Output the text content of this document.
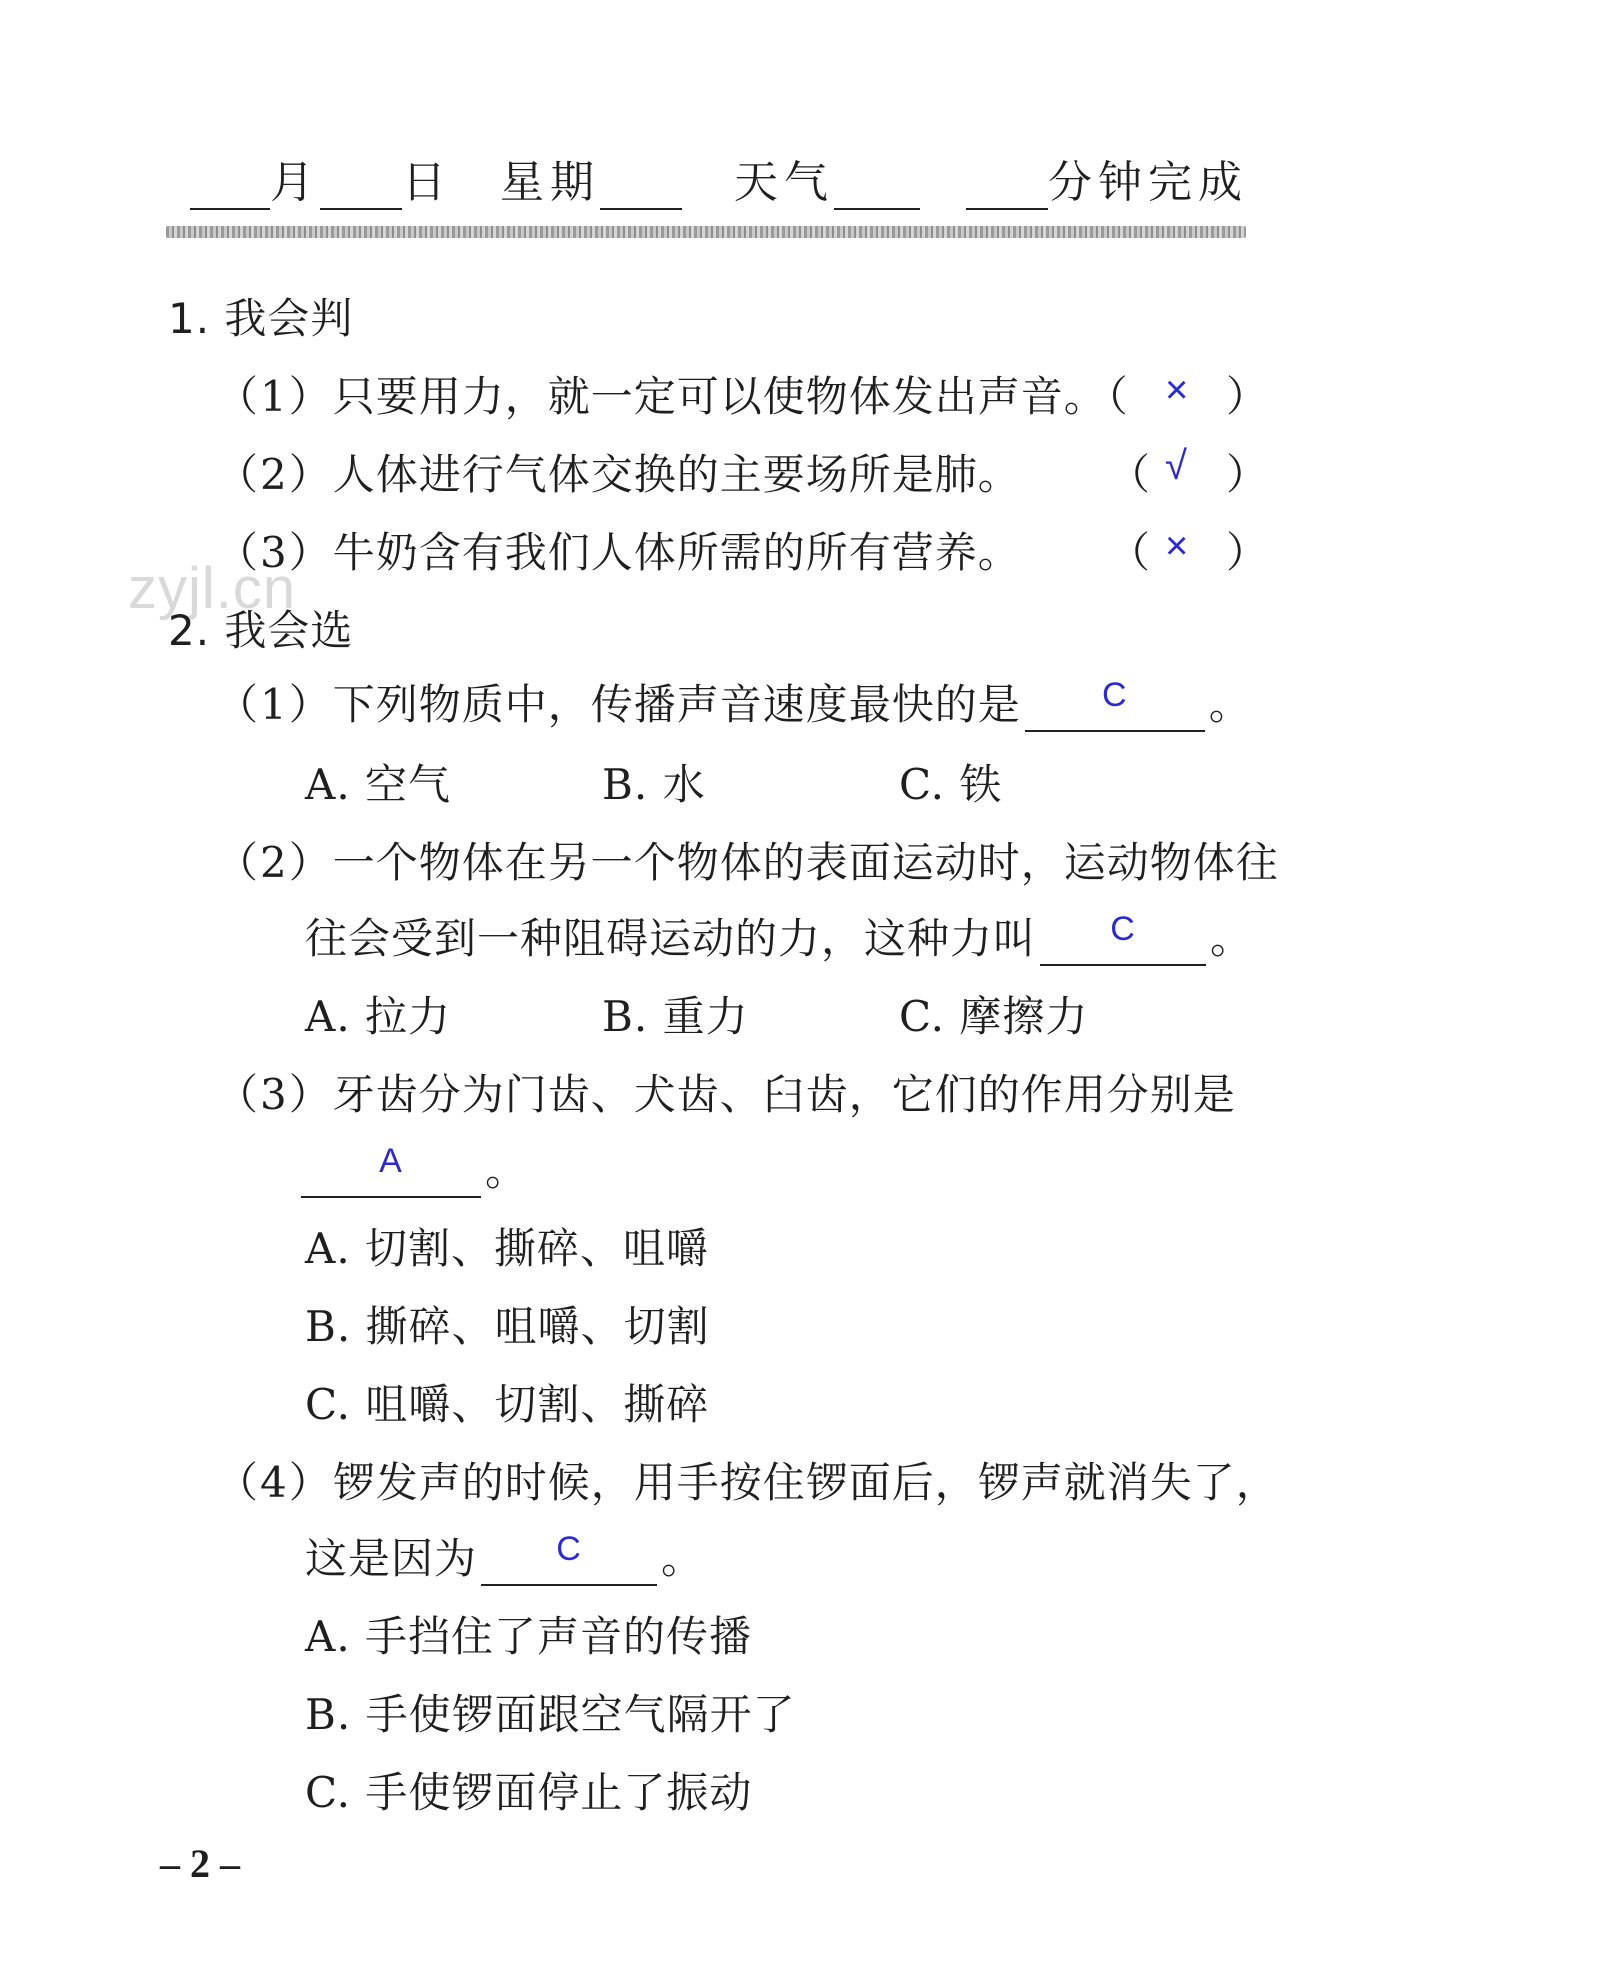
月 日 星期	天气	分钟完成
zyjl.cn
1. 我会判
（1）只要用力，就一定可以使物体发出声音。（ × ）
（2）人体进行气体交换的主要场所是肺。 （ √ ）
（3）牛奶含有我们人体所需的所有营养。 （ × ）
2. 我会选
（1）下列物质中，传播声音速度最快的是 C 。
A. 空气	B. 水	C. 铁
（2）一个物体在另一个物体的表面运动时，运动物体往
往会受到一种阻碍运动的力，这种力叫 C 。
A. 拉力	B. 重力	C. 摩擦力
（3）牙齿分为门齿、犬齿、臼齿，它们的作用分别是
A 。
A. 切割、撕碎、咀嚼
B. 撕碎、咀嚼、切割
C. 咀嚼、切割、撕碎
（4）锣发声的时候，用手按住锣面后，锣声就消失了，
这是因为 C 。
A. 手挡住了声音的传播
B. 手使锣面跟空气隔开了
C. 手使锣面停止了振动
– 2 –
